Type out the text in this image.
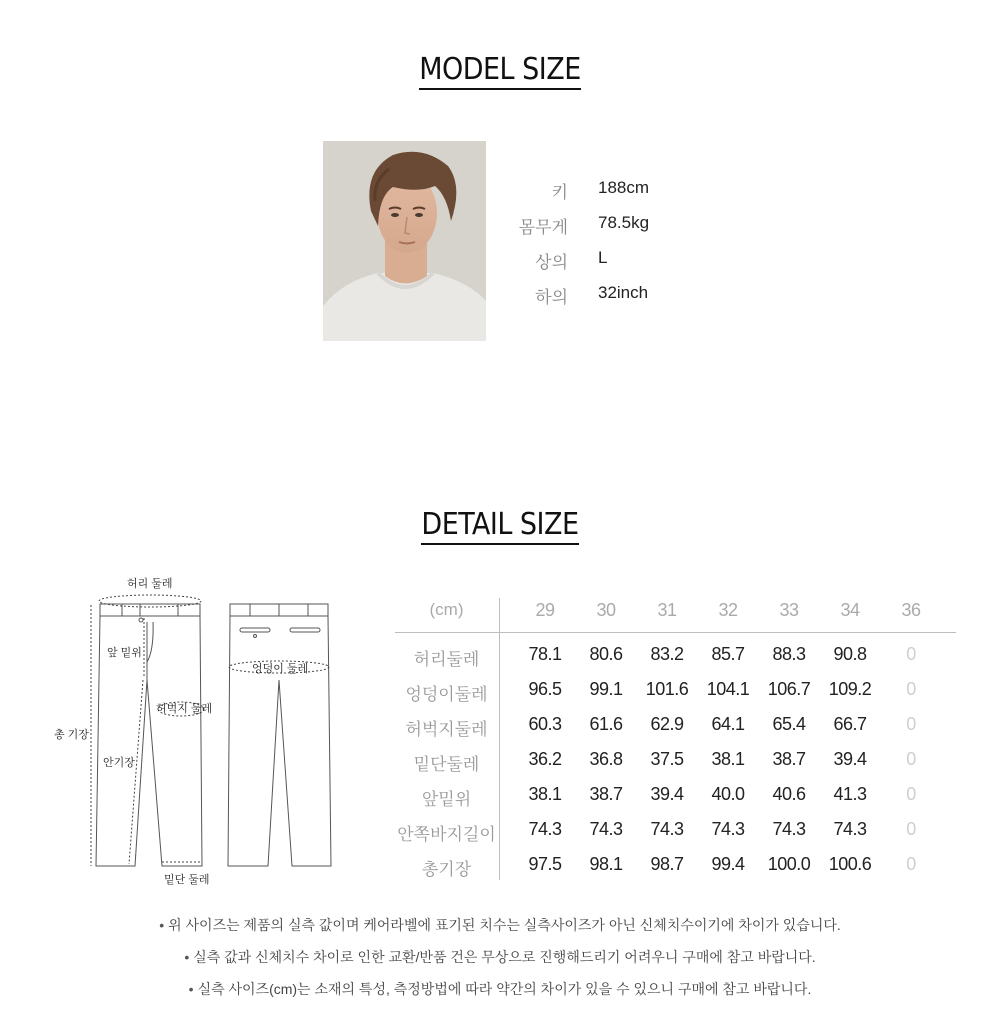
MODEL SIZE
키 188cm
몸무게 78.5kg
상의 L
하의 32inch
DETAIL SIZE
허리 둘레
앞 밑위
허벅지 둘레
총 기장
안기장
밑단 둘레
엉덩이 둘레
(cm)	29	30	31	32	33	34	36
허리둘레	78.1	80.6	83.2	85.7	88.3	90.8	0
엉덩이둘레	96.5	99.1	101.6	104.1	106.7	109.2	0
허벅지둘레	60.3	61.6	62.9	64.1	65.4	66.7	0
밑단둘레	36.2	36.8	37.5	38.1	38.7	39.4	0
앞밑위	38.1	38.7	39.4	40.0	40.6	41.3	0
안쪽바지길이	74.3	74.3	74.3	74.3	74.3	74.3	0
총기장	97.5	98.1	98.7	99.4	100.0	100.6	0
• 위 사이즈는 제품의 실측 값이며 케어라벨에 표기된 치수는 실측사이즈가 아닌 신체치수이기에 차이가 있습니다.
• 실측 값과 신체치수 차이로 인한 교환/반품 건은 무상으로 진행해드리기 어려우니 구매에 참고 바랍니다.
• 실측 사이즈(cm)는 소재의 특성, 측정방법에 따라 약간의 차이가 있을 수 있으니 구매에 참고 바랍니다.
